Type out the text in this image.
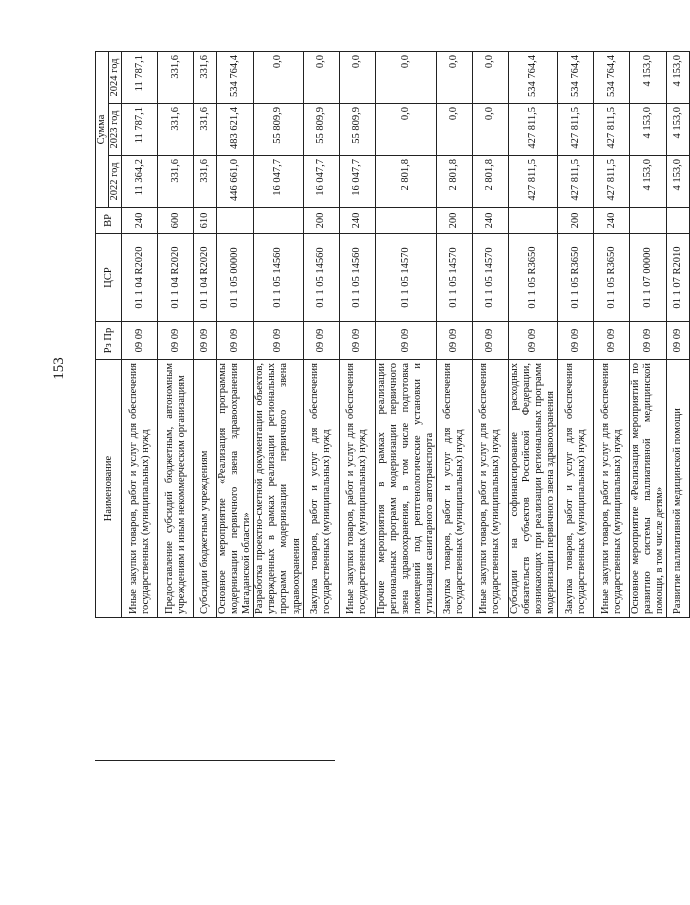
153
Наименование	Рз Пр	ЦСР	ВР	Сумма		
				2022 год	2023 год	2024 год
Иные закупки товаров, работ и услуг для обеспечения государственных (муниципальных) нужд	09 09	01 1 04 R2020	240	11 364,2	11 787,1	11 787,1
Предоставление субсидий бюджетным, автономным учреждениям и иным некоммерческим организациям	09 09	01 1 04 R2020	600	331,6	331,6	331,6
Субсидии бюджетным учреждениям	09 09	01 1 04 R2020	610	331,6	331,6	331,6
Основное мероприятие «Реализация программы модернизации первичного звена здравоохранения Магаданской области»	09 09	01 1 05 00000		446 661,0	483 621,4	534 764,4
Разработка проектно-сметной документации объектов, утвержденных в рамках реализации региональных программ модернизации первичного звена здравоохранения	09 09	01 1 05 14560		16 047,7	55 809,9	0,0
Закупка товаров, работ и услуг для обеспечения государственных (муниципальных) нужд	09 09	01 1 05 14560	200	16 047,7	55 809,9	0,0
Иные закупки товаров, работ и услуг для обеспечения государственных (муниципальных) нужд	09 09	01 1 05 14560	240	16 047,7	55 809,9	0,0
Прочие мероприятия в рамках реализации региональных программ модернизации первичного звена здравоохранения, в том числе подготовка помещений под рентгенологические установки и утилизация санитарного автотранспорта	09 09	01 1 05 14570		2 801,8	0,0	0,0
Закупка товаров, работ и услуг для обеспечения государственных (муниципальных) нужд	09 09	01 1 05 14570	200	2 801,8	0,0	0,0
Иные закупки товаров, работ и услуг для обеспечения государственных (муниципальных) нужд	09 09	01 1 05 14570	240	2 801,8	0,0	0,0
Субсидии на софинансирование расходных обязательств субъектов Российской Федерации, возникающих при реализации региональных программ модернизации первичного звена здравоохранения	09 09	01 1 05 R3650		427 811,5	427 811,5	534 764,4
Закупка товаров, работ и услуг для обеспечения государственных (муниципальных) нужд	09 09	01 1 05 R3650	200	427 811,5	427 811,5	534 764,4
Иные закупки товаров, работ и услуг для обеспечения государственных (муниципальных) нужд	09 09	01 1 05 R3650	240	427 811,5	427 811,5	534 764,4
Основное мероприятие «Реализация мероприятий по развитию системы паллиативной медицинской помощи, в том числе детям»	09 09	01 1 07 00000		4 153,0	4 153,0	4 153,0
Развитие паллиативной медицинской помощи	09 09	01 1 07 R2010		4 153,0	4 153,0	4 153,0
